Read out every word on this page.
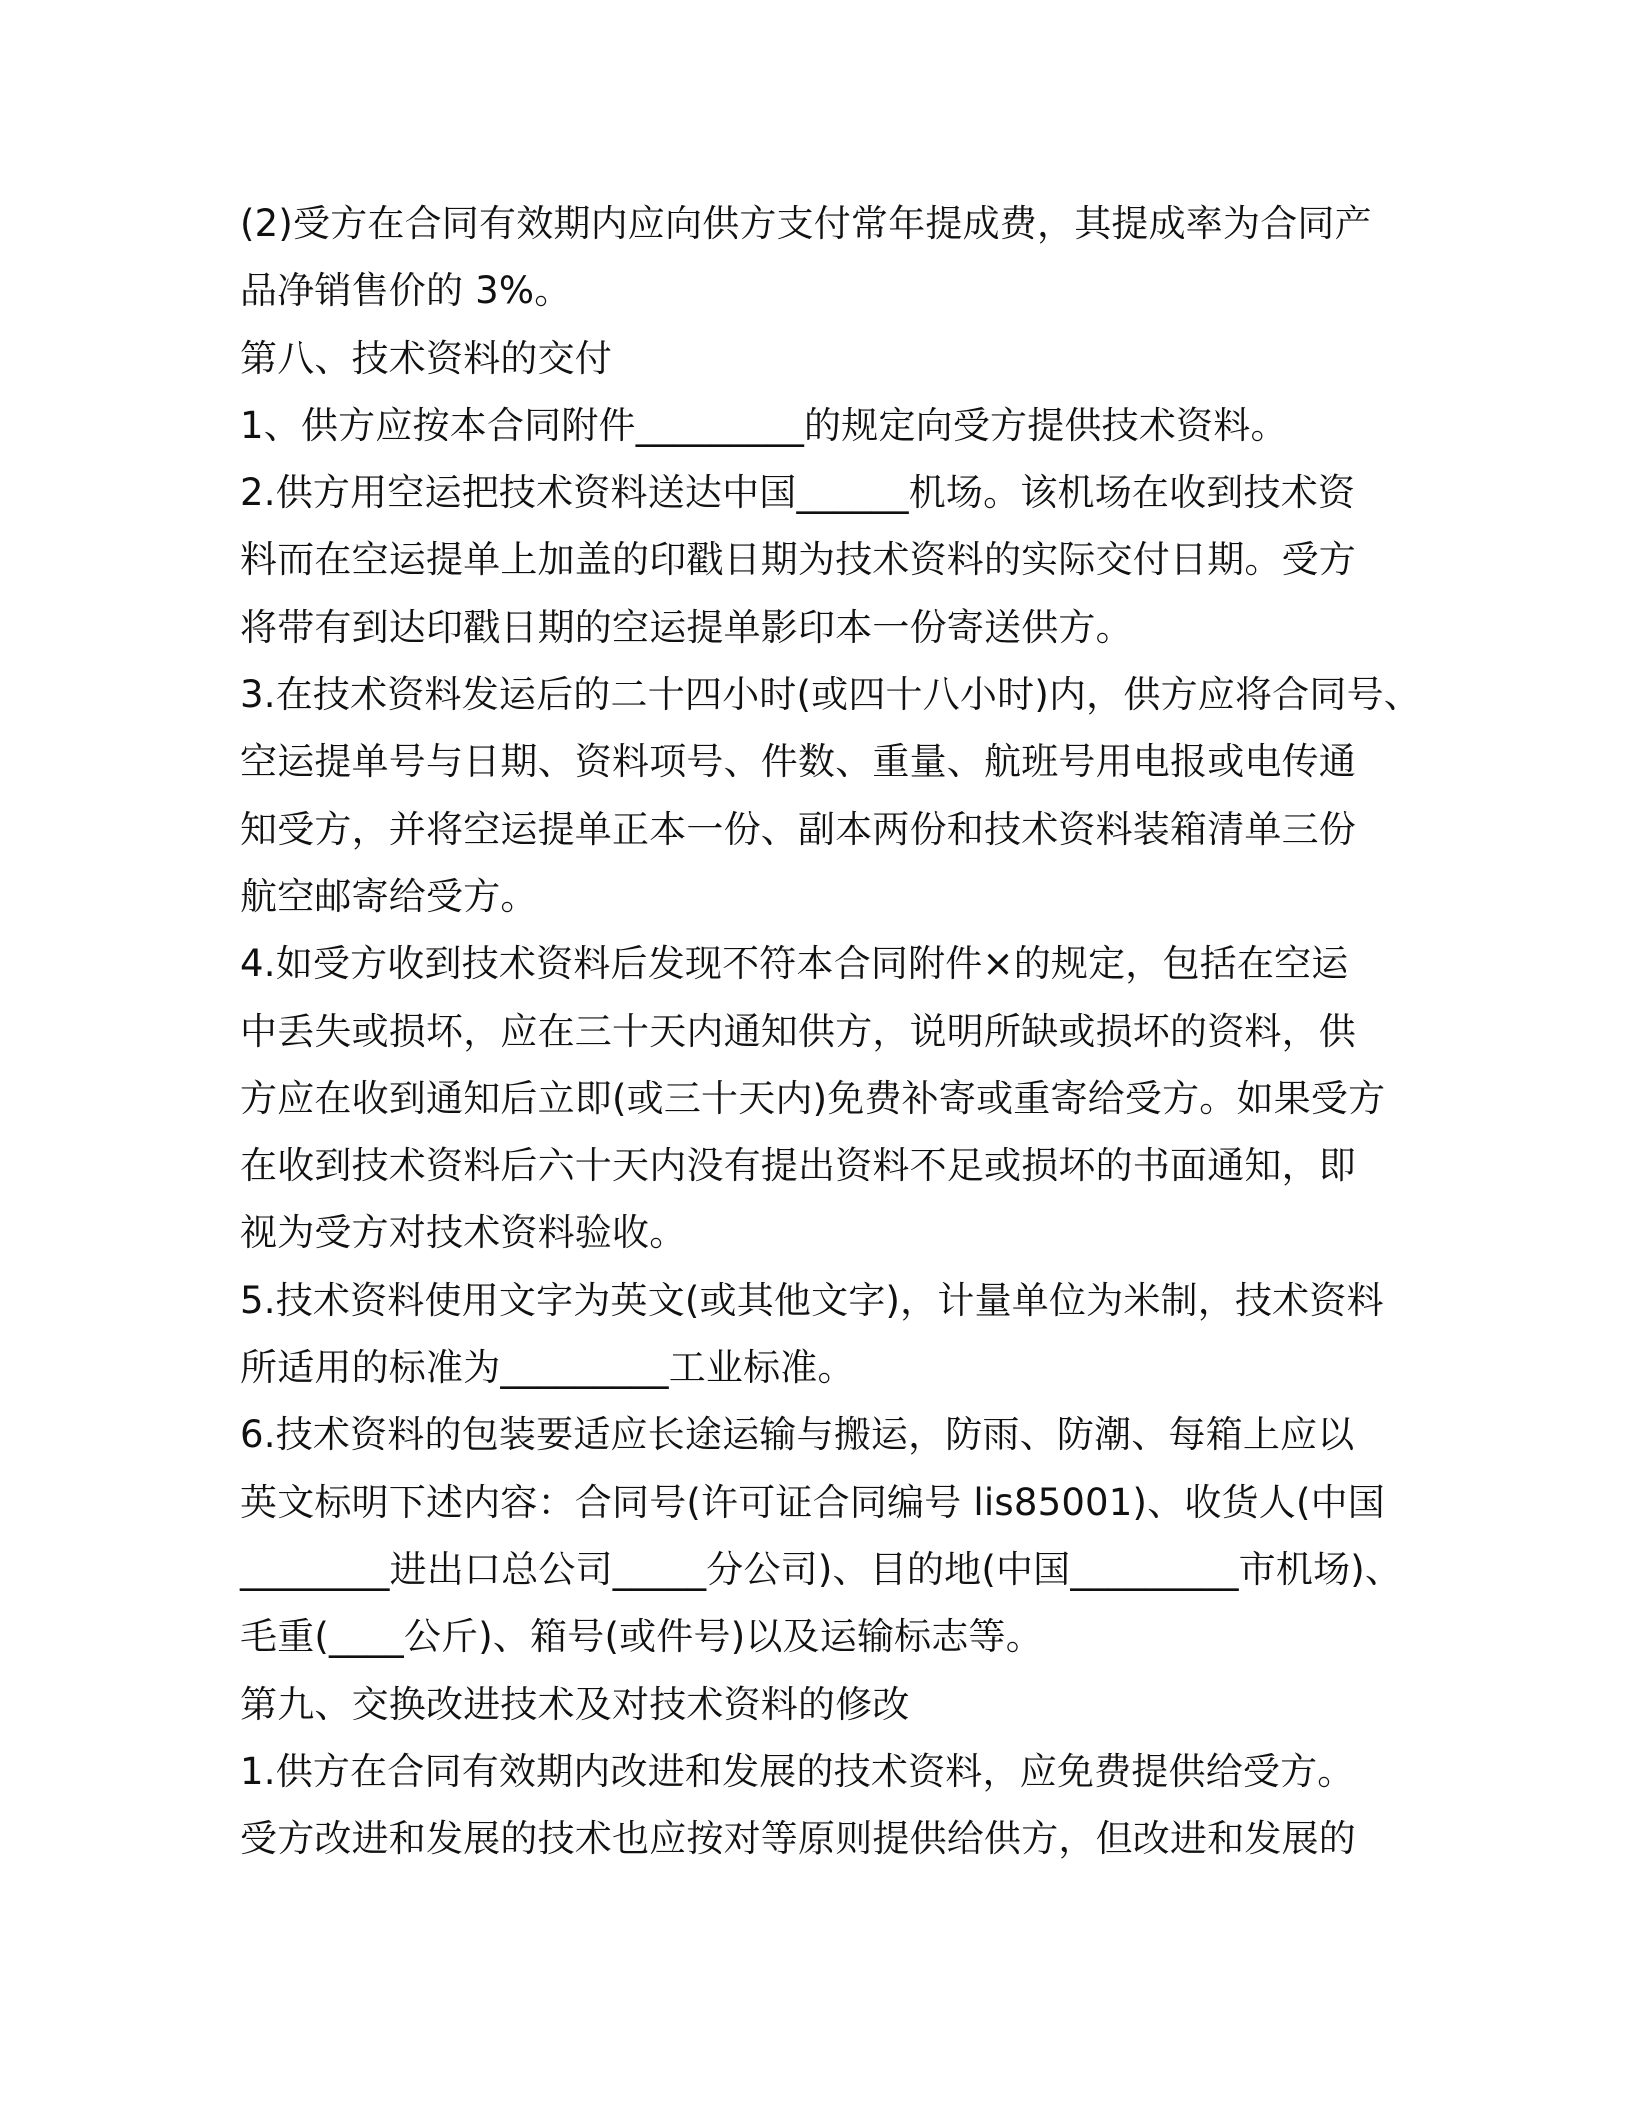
(2)受方在合同有效期内应向供方支付常年提成费，其提成率为合同产
品净销售价的 3%。
第八、技术资料的交付
1、供方应按本合同附件_________的规定向受方提供技术资料。
2.供方用空运把技术资料送达中国______机场。该机场在收到技术资
料而在空运提单上加盖的印戳日期为技术资料的实际交付日期。受方
将带有到达印戳日期的空运提单影印本一份寄送供方。
3.在技术资料发运后的二十四小时(或四十八小时)内，供方应将合同号、
空运提单号与日期、资料项号、件数、重量、航班号用电报或电传通
知受方，并将空运提单正本一份、副本两份和技术资料装箱清单三份
航空邮寄给受方。
4.如受方收到技术资料后发现不符本合同附件×的规定，包括在空运
中丢失或损坏，应在三十天内通知供方，说明所缺或损坏的资料，供
方应在收到通知后立即(或三十天内)免费补寄或重寄给受方。如果受方
在收到技术资料后六十天内没有提出资料不足或损坏的书面通知，即
视为受方对技术资料验收。
5.技术资料使用文字为英文(或其他文字)，计量单位为米制，技术资料
所适用的标准为_________工业标准。
6.技术资料的包装要适应长途运输与搬运，防雨、防潮、每箱上应以
英文标明下述内容：合同号(许可证合同编号 lis85001)、收货人(中国
________进出口总公司_____分公司)、目的地(中国_________市机场)、
毛重(____公斤)、箱号(或件号)以及运输标志等。
第九、交换改进技术及对技术资料的修改
1.供方在合同有效期内改进和发展的技术资料，应免费提供给受方。
受方改进和发展的技术也应按对等原则提供给供方，但改进和发展的
